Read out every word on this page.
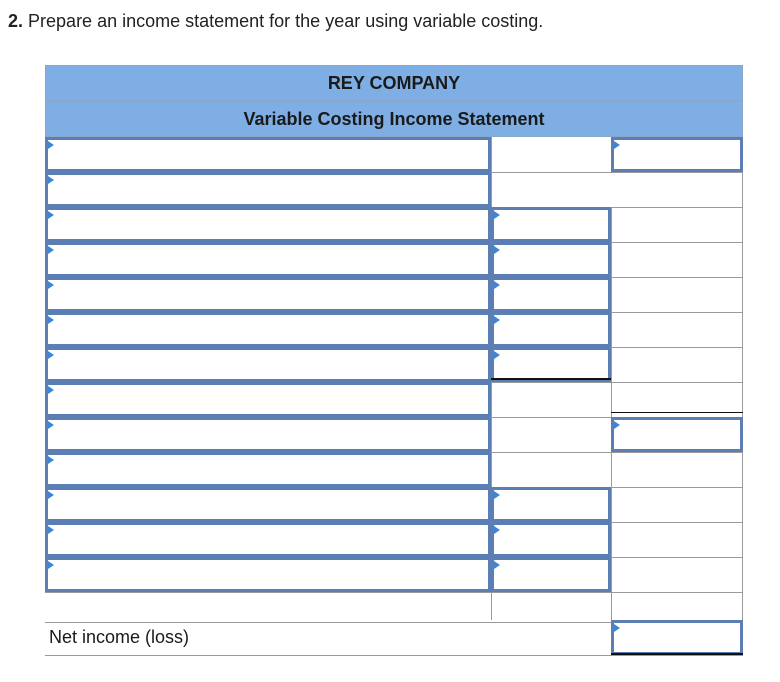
2. Prepare an income statement for the year using variable costing.
REY COMPANY
Variable Costing Income Statement
Net income (loss)
